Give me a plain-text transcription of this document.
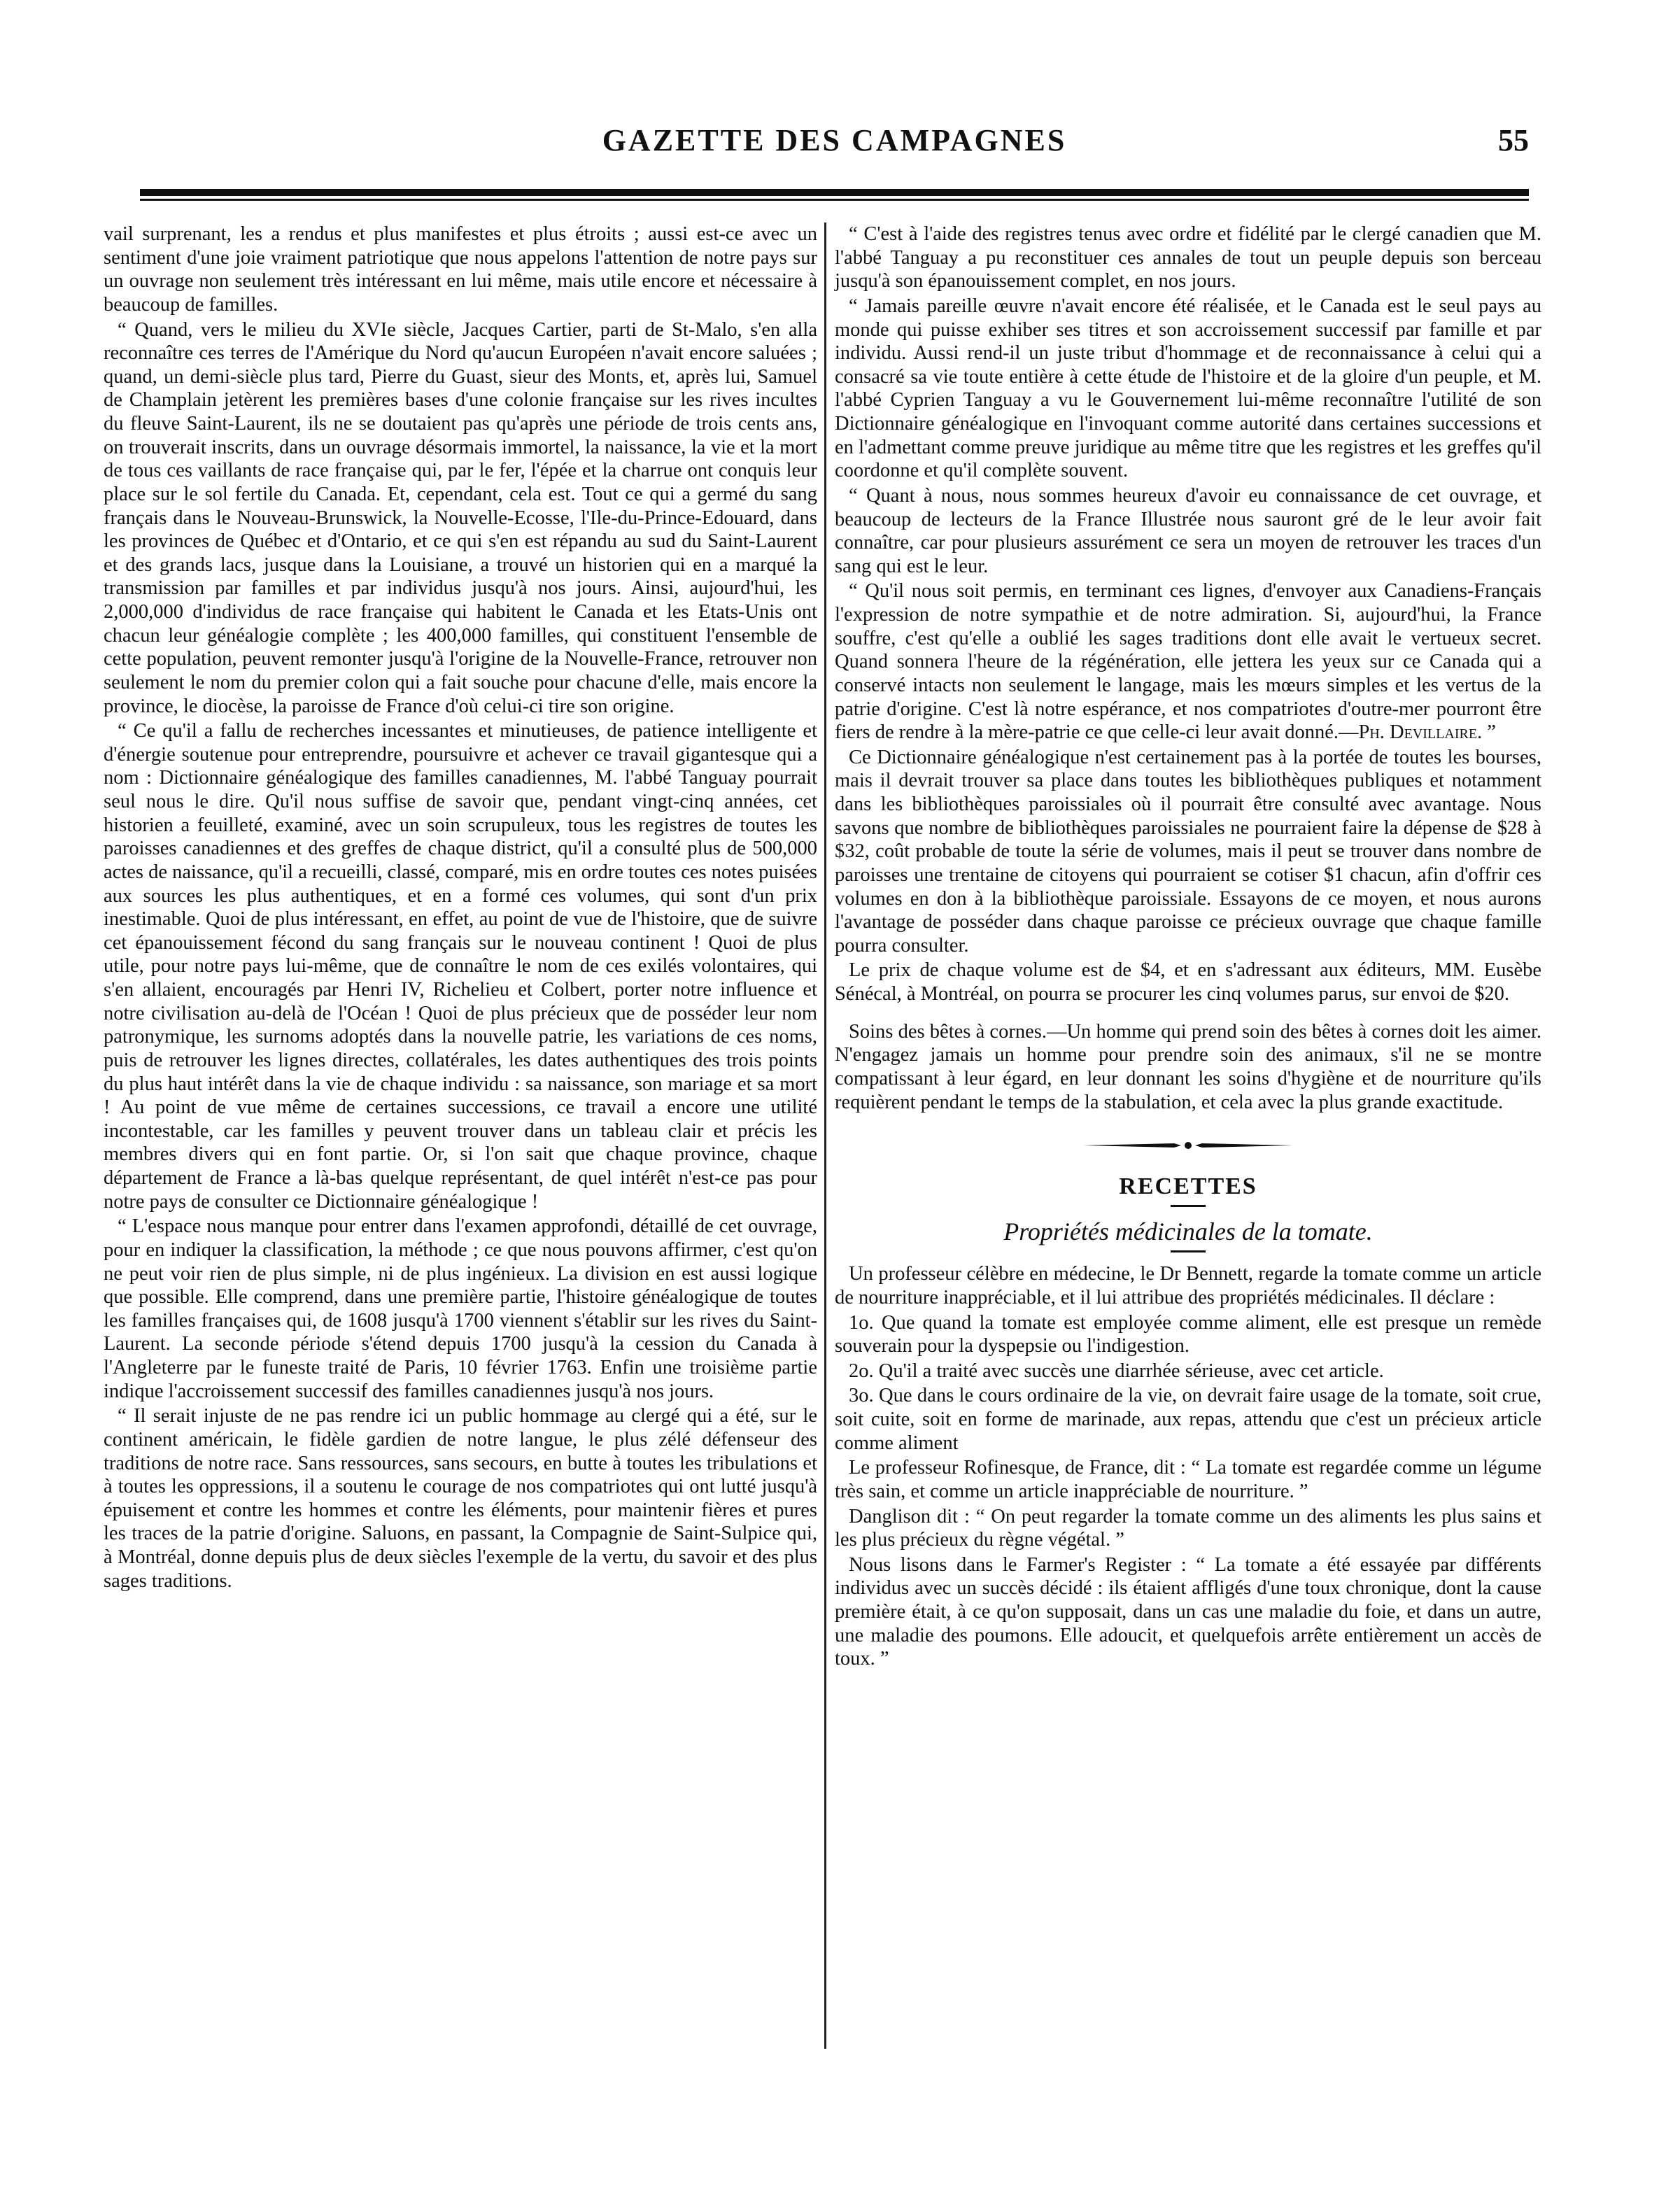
GAZETTE DES CAMPAGNES	55

vail surprenant, les a rendus et plus manifestes et plus étroits ; aussi est-ce avec un sentiment d'une joie vraiment patriotique que nous appelons l'attention de notre pays sur un ouvrage non seulement très intéressant en lui même, mais utile encore et nécessaire à beaucoup de familles.

“ Quand, vers le milieu du XVIe siècle, Jacques Cartier, parti de St-Malo, s'en alla reconnaître ces terres de l'Amérique du Nord qu'aucun Européen n'avait encore saluées ; quand, un demi-siècle plus tard, Pierre du Guast, sieur des Monts, et, après lui, Samuel de Champlain jetèrent les premières bases d'une colonie française sur les rives incultes du fleuve Saint-Laurent, ils ne se doutaient pas qu'après une période de trois cents ans, on trouverait inscrits, dans un ouvrage désormais immortel, la naissance, la vie et la mort de tous ces vaillants de race française qui, par le fer, l'épée et la charrue ont conquis leur place sur le sol fertile du Canada. Et, cependant, cela est. Tout ce qui a germé du sang français dans le Nouveau-Brunswick, la Nouvelle-Ecosse, l'Ile-du-Prince-Edouard, dans les provinces de Québec et d'Ontario, et ce qui s'en est répandu au sud du Saint-Laurent et des grands lacs, jusque dans la Louisiane, a trouvé un historien qui en a marqué la transmission par familles et par individus jusqu'à nos jours. Ainsi, aujourd'hui, les 2,000,000 d'individus de race française qui habitent le Canada et les Etats-Unis ont chacun leur généalogie complète ; les 400,000 familles, qui constituent l'ensemble de cette population, peuvent remonter jusqu'à l'origine de la Nouvelle-France, retrouver non seulement le nom du premier colon qui a fait souche pour chacune d'elle, mais encore la province, le diocèse, la paroisse de France d'où celui-ci tire son origine.

“ Ce qu'il a fallu de recherches incessantes et minutieuses, de patience intelligente et d'énergie soutenue pour entreprendre, poursuivre et achever ce travail gigantesque qui a nom : Dictionnaire généalogique des familles canadiennes, M. l'abbé Tanguay pourrait seul nous le dire. Qu'il nous suffise de savoir que, pendant vingt-cinq années, cet historien a feuilleté, examiné, avec un soin scrupuleux, tous les registres de toutes les paroisses canadiennes et des greffes de chaque district, qu'il a consulté plus de 500,000 actes de naissance, qu'il a recueilli, classé, comparé, mis en ordre toutes ces notes puisées aux sources les plus authentiques, et en a formé ces volumes, qui sont d'un prix inestimable. Quoi de plus intéressant, en effet, au point de vue de l'histoire, que de suivre cet épanouissement fécond du sang français sur le nouveau continent ! Quoi de plus utile, pour notre pays lui-même, que de connaître le nom de ces exilés volontaires, qui s'en allaient, encouragés par Henri IV, Richelieu et Colbert, porter notre influence et notre civilisation au-delà de l'Océan ! Quoi de plus précieux que de posséder leur nom patronymique, les surnoms adoptés dans la nouvelle patrie, les variations de ces noms, puis de retrouver les lignes directes, collatérales, les dates authentiques des trois points du plus haut intérêt dans la vie de chaque individu : sa naissance, son mariage et sa mort ! Au point de vue même de certaines successions, ce travail a encore une utilité incontestable, car les familles y peuvent trouver dans un tableau clair et précis les membres divers qui en font partie. Or, si l'on sait que chaque province, chaque département de France a là-bas quelque représentant, de quel intérêt n'est-ce pas pour notre pays de consulter ce Dictionnaire généalogique !

“ L'espace nous manque pour entrer dans l'examen approfondi, détaillé de cet ouvrage, pour en indiquer la classification, la méthode ; ce que nous pouvons affirmer, c'est qu'on ne peut voir rien de plus simple, ni de plus ingénieux. La division en est aussi logique que possible. Elle comprend, dans une première partie, l'histoire généalogique de toutes les familles françaises qui, de 1608 jusqu'à 1700 viennent s'établir sur les rives du Saint-Laurent. La seconde période s'étend depuis 1700 jusqu'à la cession du Canada à l'Angleterre par le funeste traité de Paris, 10 février 1763. Enfin une troisième partie indique l'accroissement successif des familles canadiennes jusqu'à nos jours.

“ Il serait injuste de ne pas rendre ici un public hommage au clergé qui a été, sur le continent américain, le fidèle gardien de notre langue, le plus zélé défenseur des traditions de notre race. Sans ressources, sans secours, en butte à toutes les tribulations et à toutes les oppressions, il a soutenu le courage de nos compatriotes qui ont lutté jusqu'à épuisement et contre les hommes et contre les éléments, pour maintenir fières et pures les traces de la patrie d'origine. Saluons, en passant, la Compagnie de Saint-Sulpice qui, à Montréal, donne depuis plus de deux siècles l'exemple de la vertu, du savoir et des plus sages traditions.

“ C'est à l'aide des registres tenus avec ordre et fidélité par le clergé canadien que M. l'abbé Tanguay a pu reconstituer ces annales de tout un peuple depuis son berceau jusqu'à son épanouissement complet, en nos jours.

“ Jamais pareille œuvre n'avait encore été réalisée, et le Canada est le seul pays au monde qui puisse exhiber ses titres et son accroissement successif par famille et par individu. Aussi rend-il un juste tribut d'hommage et de reconnaissance à celui qui a consacré sa vie toute entière à cette étude de l'histoire et de la gloire d'un peuple, et M. l'abbé Cyprien Tanguay a vu le Gouvernement lui-même reconnaître l'utilité de son Dictionnaire généalogique en l'invoquant comme autorité dans certaines successions et en l'admettant comme preuve juridique au même titre que les registres et les greffes qu'il coordonne et qu'il complète souvent.

“ Quant à nous, nous sommes heureux d'avoir eu connaissance de cet ouvrage, et beaucoup de lecteurs de la France Illustrée nous sauront gré de le leur avoir fait connaître, car pour plusieurs assurément ce sera un moyen de retrouver les traces d'un sang qui est le leur.

“ Qu'il nous soit permis, en terminant ces lignes, d'envoyer aux Canadiens-Français l'expression de notre sympathie et de notre admiration. Si, aujourd'hui, la France souffre, c'est qu'elle a oublié les sages traditions dont elle avait le vertueux secret. Quand sonnera l'heure de la régénération, elle jettera les yeux sur ce Canada qui a conservé intacts non seulement le langage, mais les mœurs simples et les vertus de la patrie d'origine. C'est là notre espérance, et nos compatriotes d'outre-mer pourront être fiers de rendre à la mère-patrie ce que celle-ci leur avait donné.—Ph. Devillaire. ”

Ce Dictionnaire généalogique n'est certainement pas à la portée de toutes les bourses, mais il devrait trouver sa place dans toutes les bibliothèques publiques et notamment dans les bibliothèques paroissiales où il pourrait être consulté avec avantage. Nous savons que nombre de bibliothèques paroissiales ne pourraient faire la dépense de $28 à $32, coût probable de toute la série de volumes, mais il peut se trouver dans nombre de paroisses une trentaine de citoyens qui pourraient se cotiser $1 chacun, afin d'offrir ces volumes en don à la bibliothèque paroissiale. Essayons de ce moyen, et nous aurons l'avantage de posséder dans chaque paroisse ce précieux ouvrage que chaque famille pourra consulter.

Le prix de chaque volume est de $4, et en s'adressant aux éditeurs, MM. Eusèbe Sénécal, à Montréal, on pourra se procurer les cinq volumes parus, sur envoi de $20.

Soins des bêtes à cornes.—Un homme qui prend soin des bêtes à cornes doit les aimer. N'engagez jamais un homme pour prendre soin des animaux, s'il ne se montre compatissant à leur égard, en leur donnant les soins d'hygiène et de nourriture qu'ils requièrent pendant le temps de la stabulation, et cela avec la plus grande exactitude.

RECETTES

Propriétés médicinales de la tomate.

Un professeur célèbre en médecine, le Dr Bennett, regarde la tomate comme un article de nourriture inappréciable, et il lui attribue des propriétés médicinales. Il déclare :

1o. Que quand la tomate est employée comme aliment, elle est presque un remède souverain pour la dyspepsie ou l'indigestion.

2o. Qu'il a traité avec succès une diarrhée sérieuse, avec cet article.

3o. Que dans le cours ordinaire de la vie, on devrait faire usage de la tomate, soit crue, soit cuite, soit en forme de marinade, aux repas, attendu que c'est un précieux article comme aliment

Le professeur Rofinesque, de France, dit : “ La tomate est regardée comme un légume très sain, et comme un article inappréciable de nourriture. ”

Danglison dit : “ On peut regarder la tomate comme un des aliments les plus sains et les plus précieux du règne végétal. ”

Nous lisons dans le Farmer's Register : “ La tomate a été essayée par différents individus avec un succès décidé : ils étaient affligés d'une toux chronique, dont la cause première était, à ce qu'on supposait, dans un cas une maladie du foie, et dans un autre, une maladie des poumons. Elle adoucit, et quelquefois arrête entièrement un accès de toux. ”
